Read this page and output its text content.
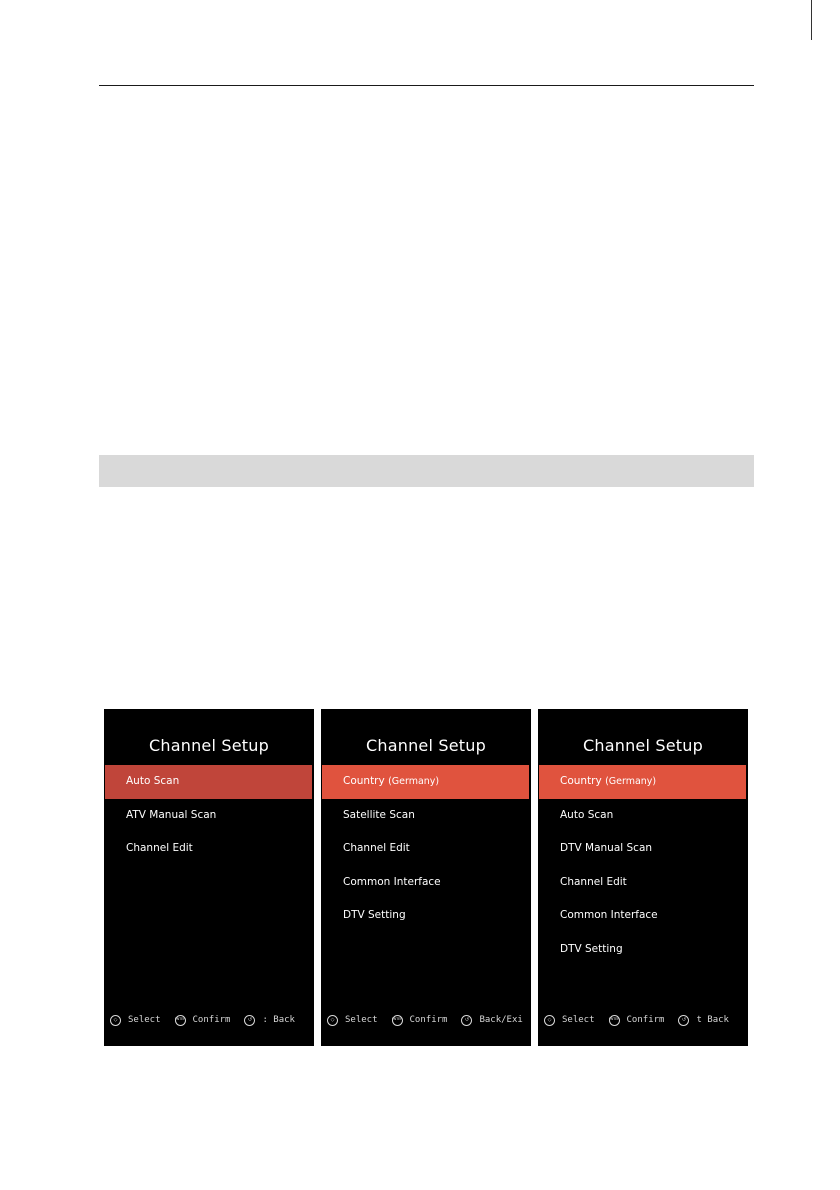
Channel Setup
Auto Scan
ATV Manual Scan
Channel Edit
◇	Select	ENTER Confirm	↺	: Back
Channel Setup
Country (Germany)
Satellite Scan
Channel Edit
Common Interface
DTV Setting
◇	Select	ENTER Confirm	↺	Back/Exi
Channel Setup
Country (Germany)
Auto Scan
DTV Manual Scan
Channel Edit
Common Interface
DTV Setting
◇	Select	ENTER Confirm	↺	t Back
